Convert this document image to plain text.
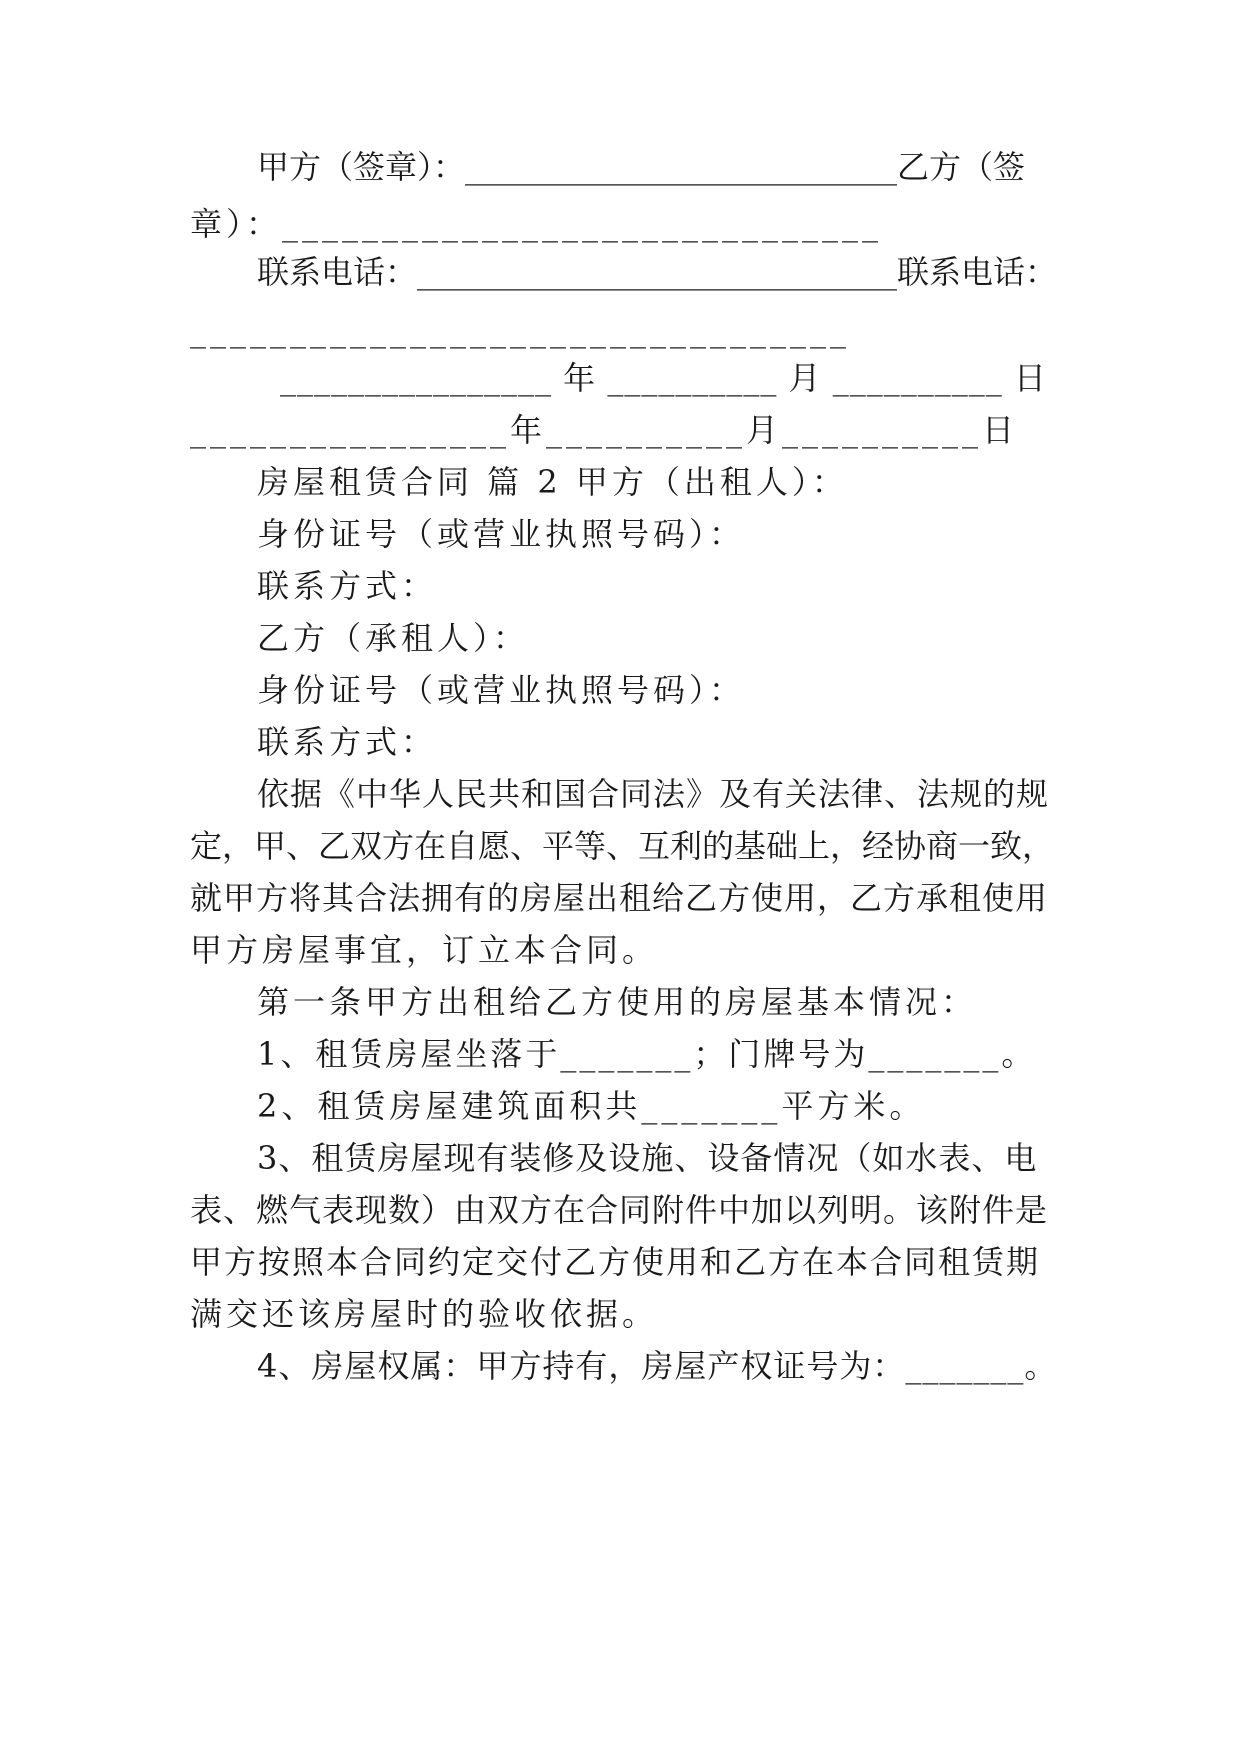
甲方（签章）：___________________________乙方（签
章）：______________________________
联系电话：______________________________联系电话：
_________________________________
________________ 年 __________ 月 __________ 日
________________年__________月__________日
房屋租赁合同 篇 2 甲方（出租人）：
身份证号（或营业执照号码）：
联系方式：
乙方（承租人）：
身份证号（或营业执照号码）：
联系方式：
依据《中华人民共和国合同法》及有关法律、法规的规
定，甲、乙双方在自愿、平等、互利的基础上，经协商一致，
就甲方将其合法拥有的房屋出租给乙方使用，乙方承租使用
甲方房屋事宜，订立本合同。
第一条甲方出租给乙方使用的房屋基本情况：
1、租赁房屋坐落于_______；门牌号为_______。
2、租赁房屋建筑面积共_______平方米。
3、租赁房屋现有装修及设施、设备情况（如水表、电
表、燃气表现数）由双方在合同附件中加以列明。该附件是
甲方按照本合同约定交付乙方使用和乙方在本合同租赁期
满交还该房屋时的验收依据。
4、房屋权属：甲方持有，房屋产权证号为：_______。
